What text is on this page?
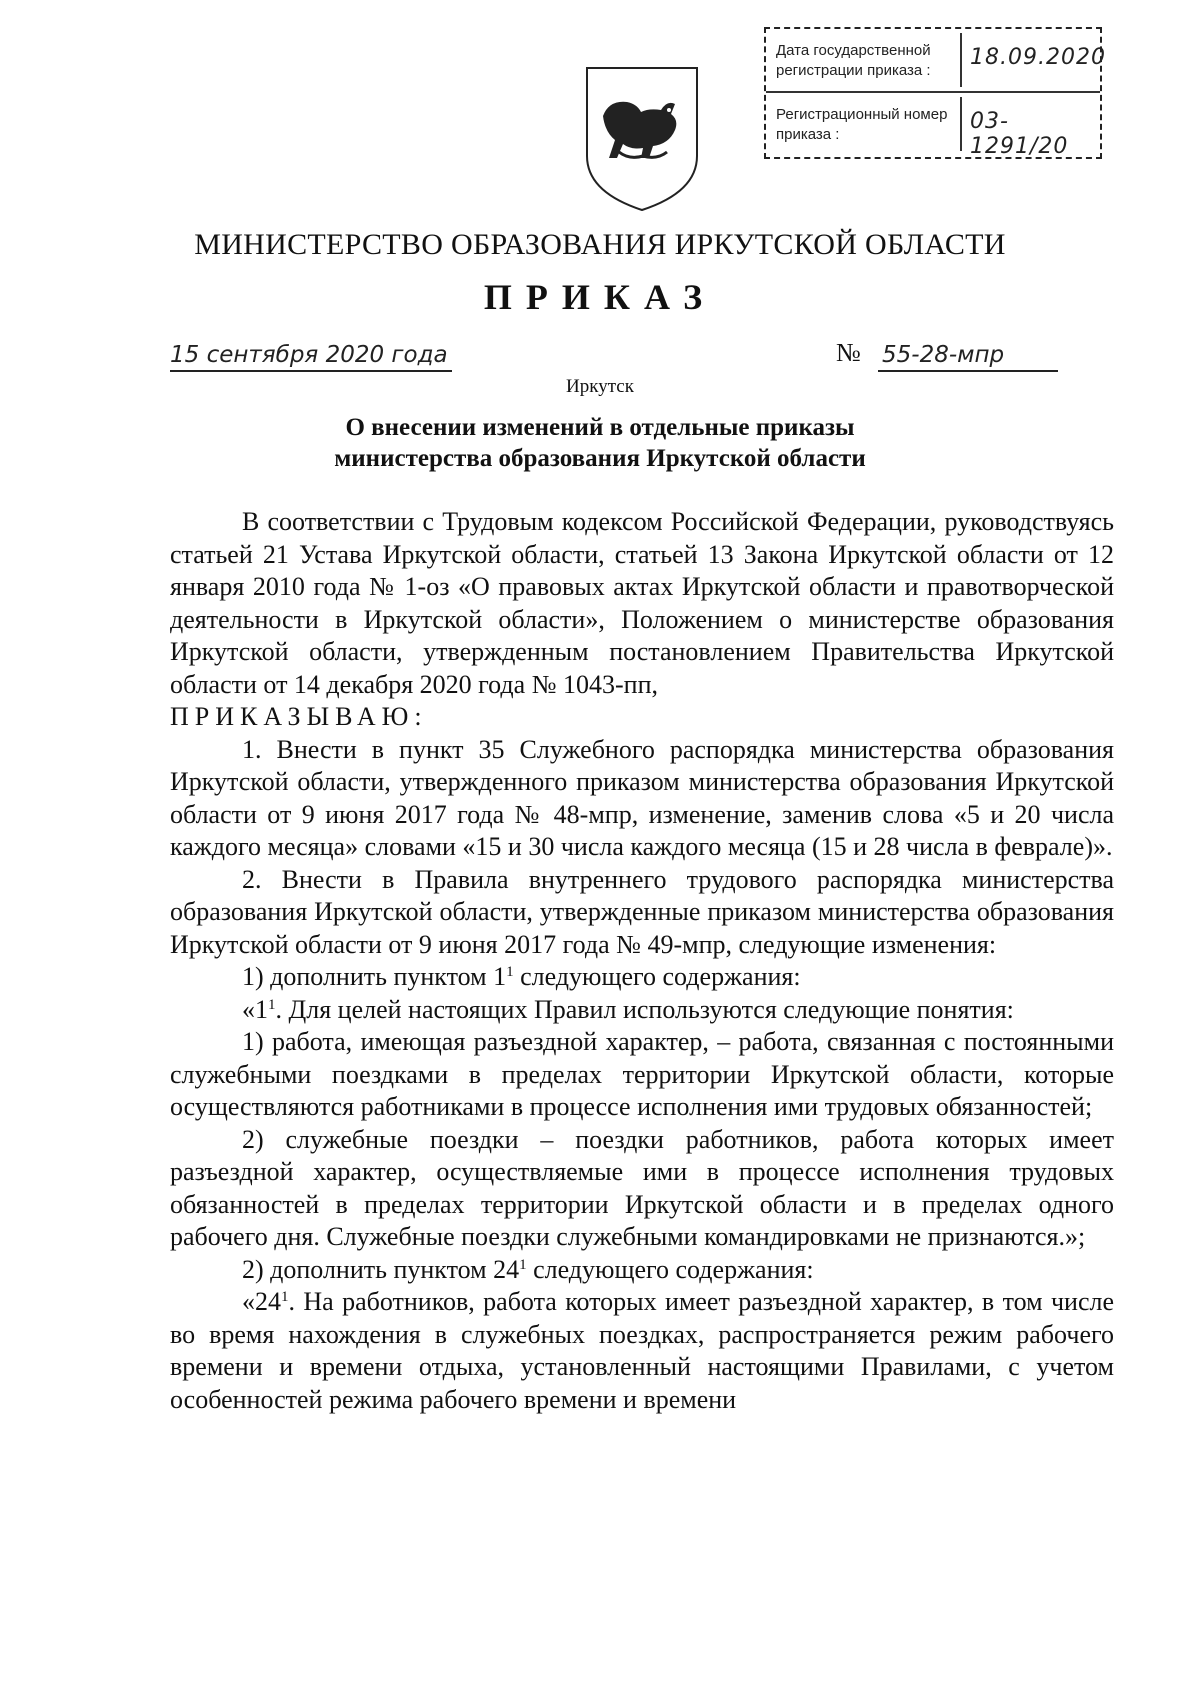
Дата государственной регистрации приказа :
18.09.2020
Регистрационный номер приказа :
03-1291/20
МИНИСТЕРСТВО ОБРАЗОВАНИЯ ИРКУТСКОЙ ОБЛАСТИ
ПРИКАЗ
15 сентября 2020 года	№ 55-28-мпр
Иркутск
О внесении изменений в отдельные приказы
министерства образования Иркутской области

В соответствии с Трудовым кодексом Российской Федерации, руководствуясь статьей 21 Устава Иркутской области, статьей 13 Закона Иркутской области от 12 января 2010 года № 1-оз «О правовых актах Иркутской области и правотворческой деятельности в Иркутской области», Положением о министерстве образования Иркутской области, утвержденным постановлением Правительства Иркутской области от 14 декабря 2020 года № 1043-пп,

ПРИКАЗЫВАЮ:

1. Внести в пункт 35 Служебного распорядка министерства образования Иркутской области, утвержденного приказом министерства образования Иркутской области от 9 июня 2017 года № 48-мпр, изменение, заменив слова «5 и 20 числа каждого месяца» словами «15 и 30 числа каждого месяца (15 и 28 числа в феврале)».

2. Внести в Правила внутреннего трудового распорядка министерства образования Иркутской области, утвержденные приказом министерства образования Иркутской области от 9 июня 2017 года № 49-мпр, следующие изменения:

1) дополнить пунктом $1^1$ следующего содержания:

«$1^1$. Для целей настоящих Правил используются следующие понятия:

1) работа, имеющая разъездной характер, – работа, связанная с постоянными служебными поездками в пределах территории Иркутской области, которые осуществляются работниками в процессе исполнения ими трудовых обязанностей;

2) служебные поездки – поездки работников, работа которых имеет разъездной характер, осуществляемые ими в процессе исполнения трудовых обязанностей в пределах территории Иркутской области и в пределах одного рабочего дня. Служебные поездки служебными командировками не признаются.»;

2) дополнить пунктом $24^1$ следующего содержания:

«$24^1$. На работников, работа которых имеет разъездной характер, в том числе во время нахождения в служебных поездках, распространяется режим рабочего времени и времени отдыха, установленный настоящими Правилами, с учетом особенностей режима рабочего времени и времени
